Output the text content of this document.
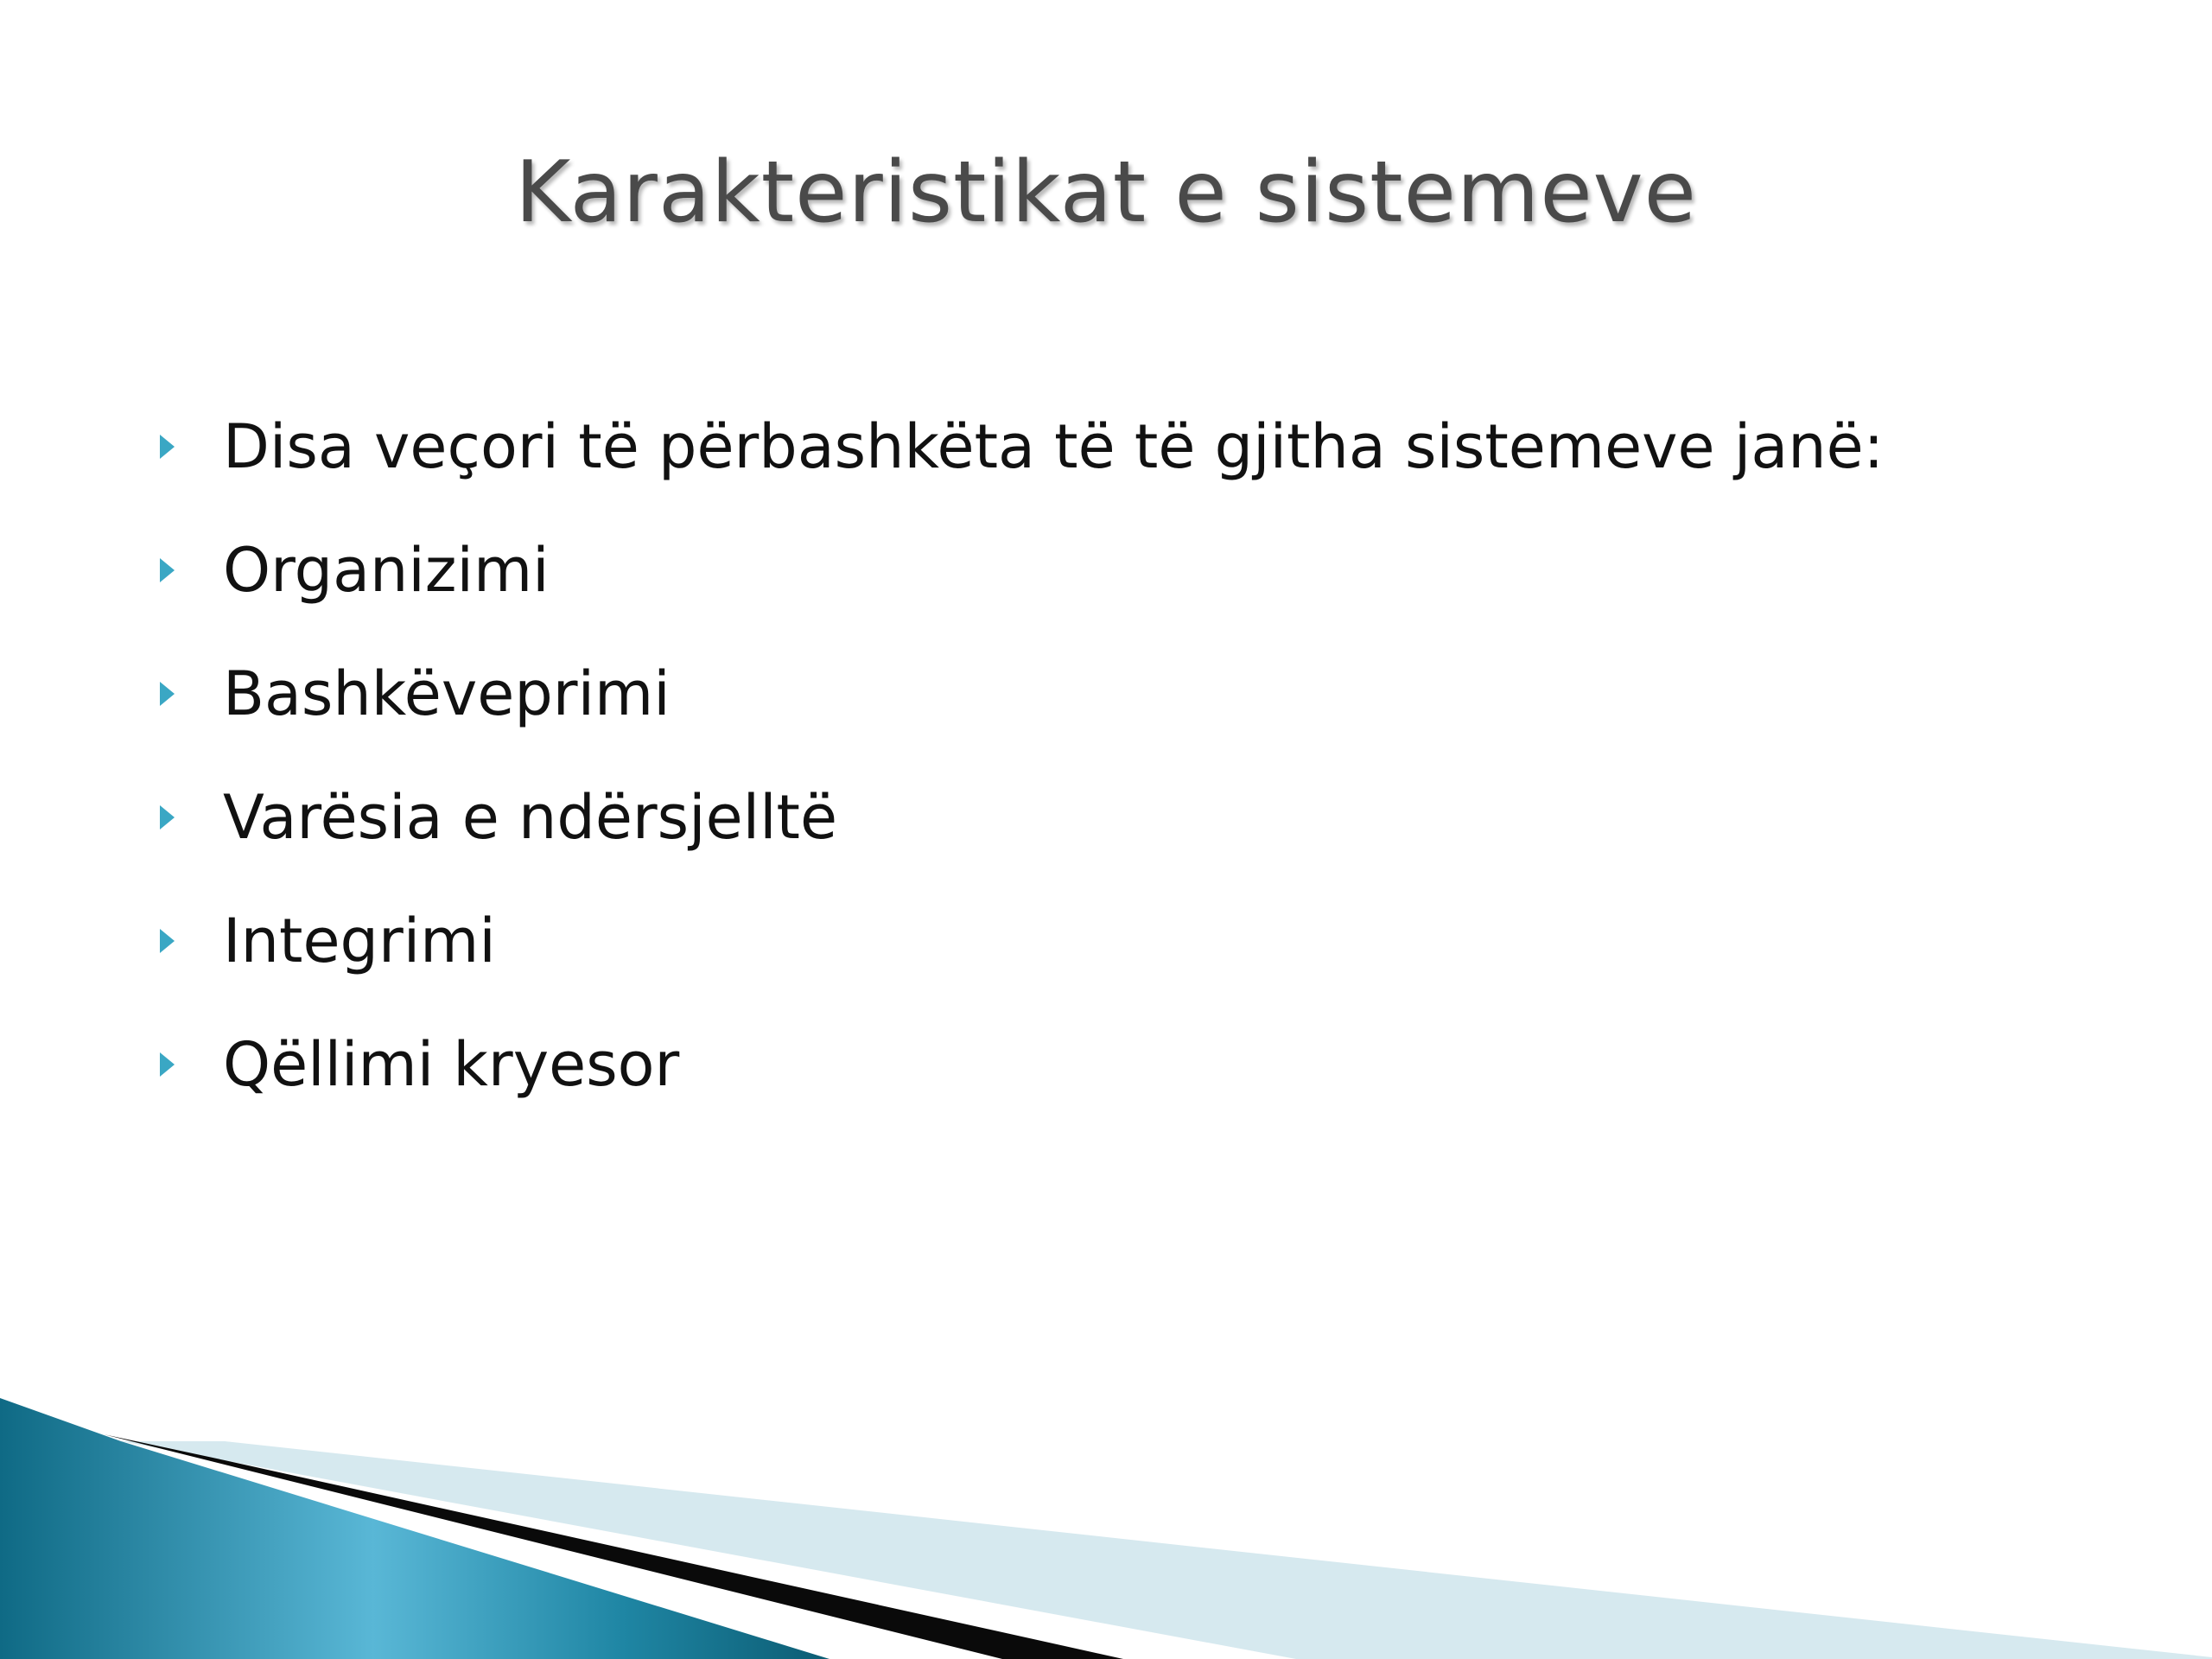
Karakteristikat e sistemeve
Disa veçori të përbashkëta të të gjitha sistemeve janë:
Organizimi
Bashkëveprimi
Varësia e ndërsjelltë
Integrimi
Qëllimi kryesor
